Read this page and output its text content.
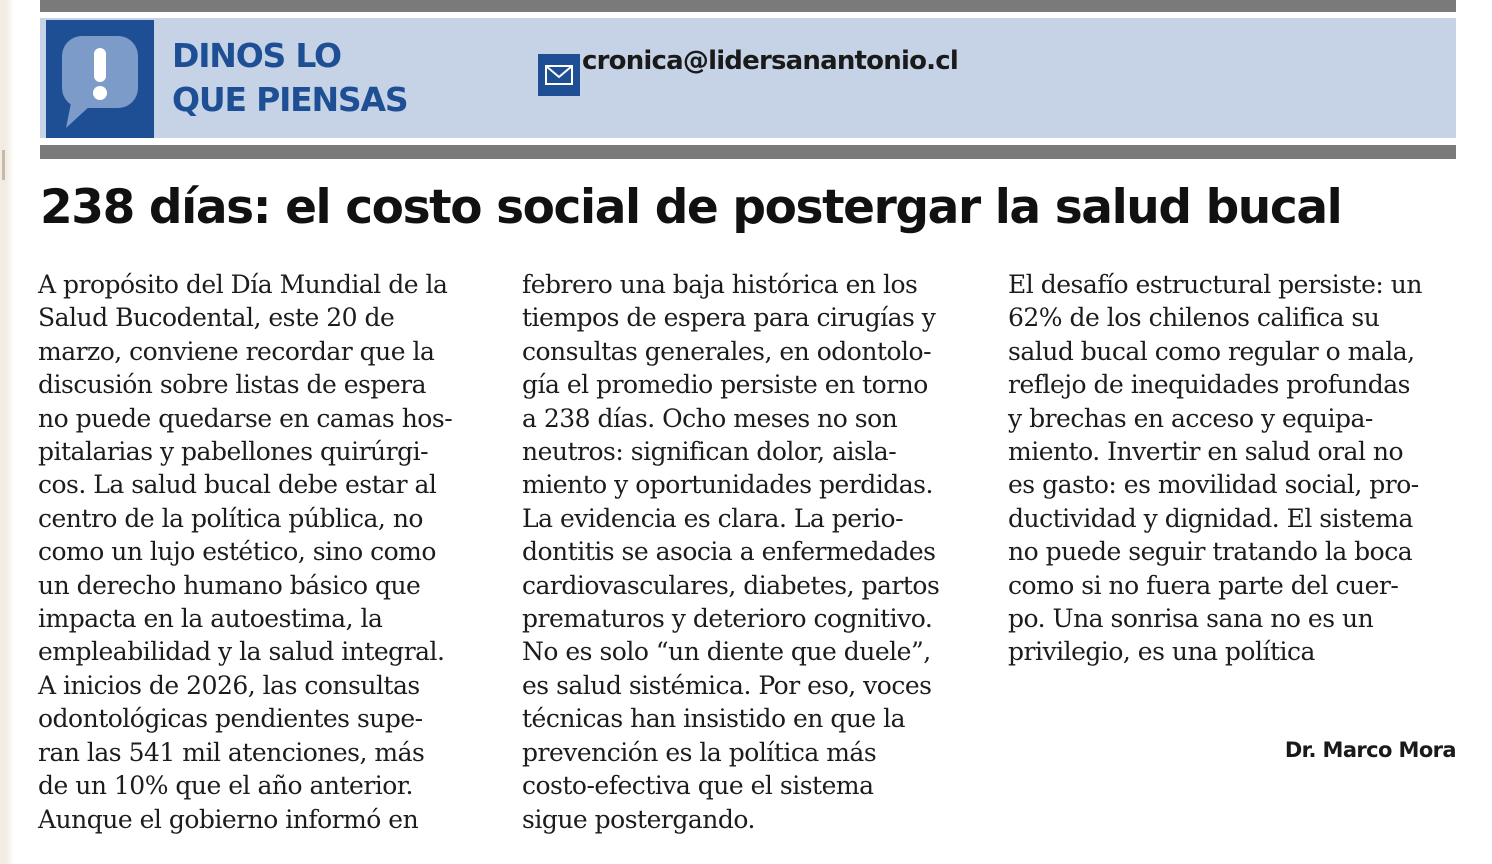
DINOS LO
QUE PIENSAS
cronica@lidersanantonio.cl
238 días: el costo social de postergar la salud bucal
A propósito del Día Mundial de la
Salud Bucodental, este 20 de
marzo, conviene recordar que la
discusión sobre listas de espera
no puede quedarse en camas hos-
pitalarias y pabellones quirúrgi-
cos. La salud bucal debe estar al
centro de la política pública, no
como un lujo estético, sino como
un derecho humano básico que
impacta en la autoestima, la
empleabilidad y la salud integral.
A inicios de 2026, las consultas
odontológicas pendientes supe-
ran las 541 mil atenciones, más
de un 10% que el año anterior.
Aunque el gobierno informó en
febrero una baja histórica en los
tiempos de espera para cirugías y
consultas generales, en odontolo-
gía el promedio persiste en torno
a 238 días. Ocho meses no son
neutros: significan dolor, aisla-
miento y oportunidades perdidas.
La evidencia es clara. La perio-
dontitis se asocia a enfermedades
cardiovasculares, diabetes, partos
prematuros y deterioro cognitivo.
No es solo “un diente que duele”,
es salud sistémica. Por eso, voces
técnicas han insistido en que la
prevención es la política más
costo-efectiva que el sistema
sigue postergando.
El desafío estructural persiste: un
62% de los chilenos califica su
salud bucal como regular o mala,
reflejo de inequidades profundas
y brechas en acceso y equipa-
miento. Invertir en salud oral no
es gasto: es movilidad social, pro-
ductividad y dignidad. El sistema
no puede seguir tratando la boca
como si no fuera parte del cuer-
po. Una sonrisa sana no es un
privilegio, es una política
Dr. Marco Mora
